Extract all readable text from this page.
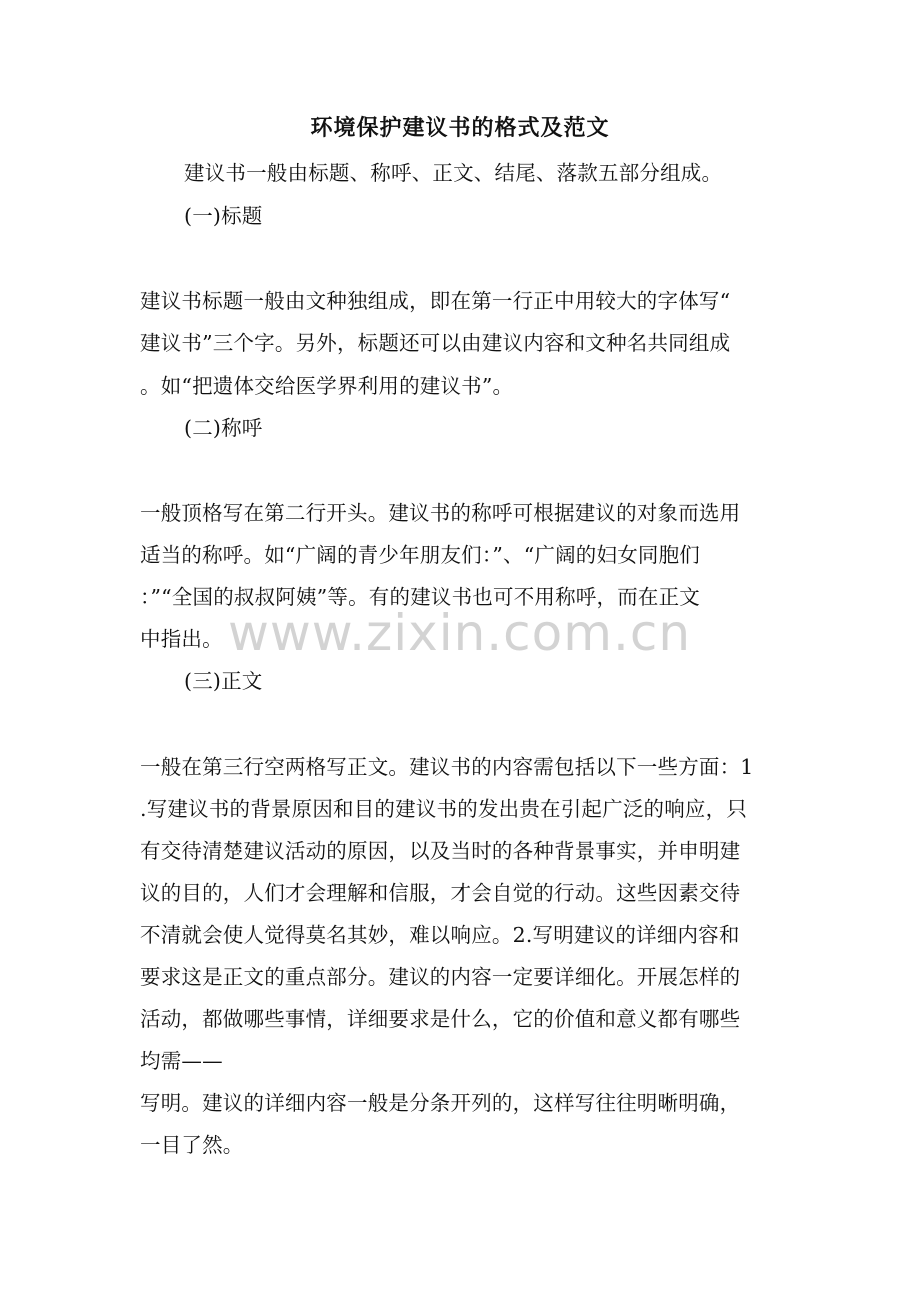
环境保护建议书的格式及范文
建议书一般由标题、称呼、正文、结尾、落款五部分组成。
(一)标题
建议书标题一般由文种独组成，即在第一行正中用较大的字体写“
建议书”三个字。另外，标题还可以由建议内容和文种名共同组成
。如“把遗体交给医学界利用的建议书”。
(二)称呼
一般顶格写在第二行开头。建议书的称呼可根据建议的对象而选用
适当的称呼。如“广阔的青少年朋友们：”、“广阔的妇女同胞们
：”“全国的叔叔阿姨”等。有的建议书也可不用称呼，而在正文
中指出。 www.zixin.com.cn
(三)正文
一般在第三行空两格写正文。建议书的内容需包括以下一些方面：1
.写建议书的背景原因和目的建议书的发出贵在引起广泛的响应，只
有交待清楚建议活动的原因，以及当时的各种背景事实，并申明建
议的目的，人们才会理解和信服，才会自觉的行动。这些因素交待
不清就会使人觉得莫名其妙，难以响应。2.写明建议的详细内容和
要求这是正文的重点部分。建议的内容一定要详细化。开展怎样的
活动，都做哪些事情，详细要求是什么，它的价值和意义都有哪些
均需——
写明。建议的详细内容一般是分条开列的，这样写往往明晰明确，
一目了然。
